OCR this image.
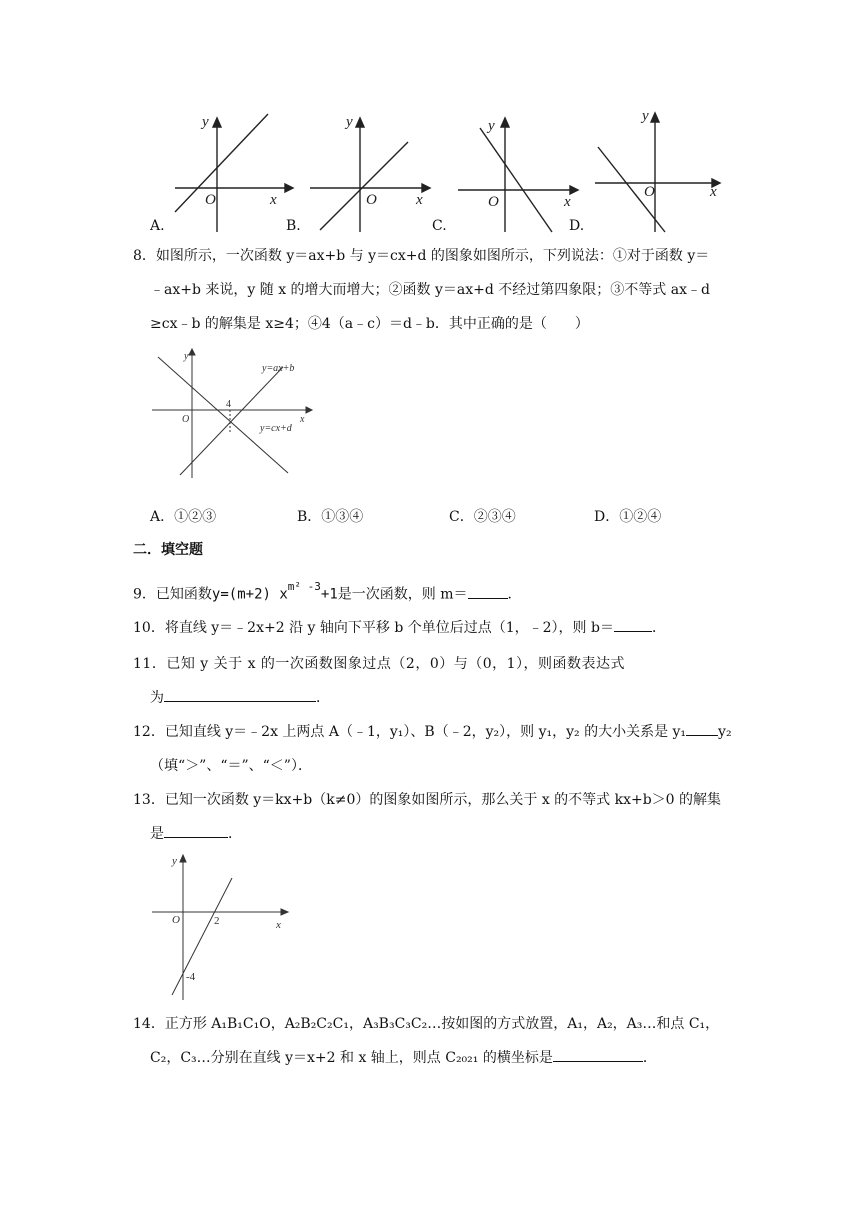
y
x
O
y
x
O
y
x
O
y
x
O
A.	B.	C.	D.
8．如图所示，一次函数 y＝ax+b 与 y＝cx+d 的图象如图所示，下列说法：①对于函数 y＝
﹣ax+b 来说，y 随 x 的增大而增大；②函数 y＝ax+d 不经过第四象限；③不等式 ax﹣d
≥cx﹣b 的解集是 x≥4；④4（a﹣c）＝d﹣b．其中正确的是（　　）
y
x
O
y=ax+b
y=cx+d
4
A．①②③	B．①③④	C．②③④	D．①②④
二．填空题
9．已知函数y=(m+2) $x^{m^2 ‑3}+1$是一次函数，则 m＝	．
10．将直线 y＝﹣2x+2 沿 y 轴向下平移 b 个单位后过点（1，﹣2），则 b＝	．
11．已知 y 关于 x 的一次函数图象过点（2，0）与（0，1），则函数表达式
为	．
12．已知直线 y＝﹣2x 上两点 A（﹣1，y₁）、B（﹣2，y₂），则 y₁，y₂ 的大小关系是 y₁ y₂
（填“＞”、“＝”、“＜”）．
13．已知一次函数 y＝kx+b（k≠0）的图象如图所示，那么关于 x 的不等式 kx+b＞0 的解集
是	．
y
x
O	2
-4
14．正方形 A₁B₁C₁O，A₂B₂C₂C₁，A₃B₃C₃C₂…按如图的方式放置，A₁，A₂，A₃…和点 C₁，
C₂，C₃…分别在直线 y＝x+2 和 x 轴上，则点 C₂₀₂₁ 的横坐标是	．
